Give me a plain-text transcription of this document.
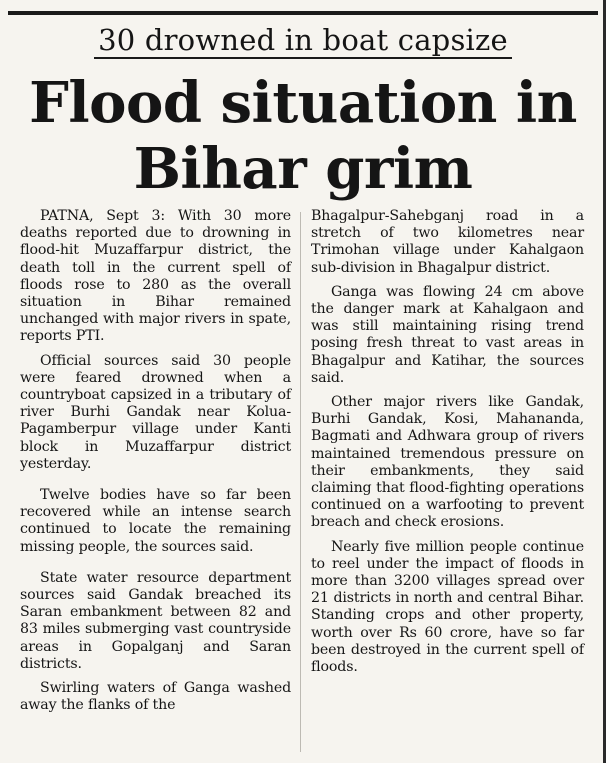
30 drowned in boat capsize
Flood situation in
Bihar grim

PATNA, Sept 3: With 30 more deaths reported due to drowning in flood-hit Muzaffarpur district, the death toll in the current spell of floods rose to 280 as the overall situation in Bihar remained unchanged with major rivers in spate, reports PTI.

Official sources said 30 people were feared drowned when a countryboat capsized in a tributary of river Burhi Gandak near Kolua-Pagamberpur village under Kanti block in Muzaffarpur district yesterday.

Twelve bodies have so far been recovered while an intense search continued to locate the remaining missing people, the sources said.

State water resource department sources said Gandak breached its Saran embankment between 82 and 83 miles submerging vast countryside areas in Gopalganj and Saran districts.

Swirling waters of Ganga washed away the flanks of the

Bhagalpur-Sahebganj road in a stretch of two kilometres near Trimohan village under Kahalgaon sub-division in Bhagalpur district.

Ganga was flowing 24 cm above the danger mark at Kahalgaon and was still maintaining rising trend posing fresh threat to vast areas in Bhagalpur and Katihar, the sources said.

Other major rivers like Gandak, Burhi Gandak, Kosi, Mahananda, Bagmati and Adhwara group of rivers maintained tremendous pressure on their embankments, they said claiming that flood-fighting operations continued on a warfooting to prevent breach and check erosions.

Nearly five million people continue to reel under the impact of floods in more than 3200 villages spread over 21 districts in north and central Bihar. Standing crops and other property, worth over Rs 60 crore, have so far been destroyed in the current spell of floods.
